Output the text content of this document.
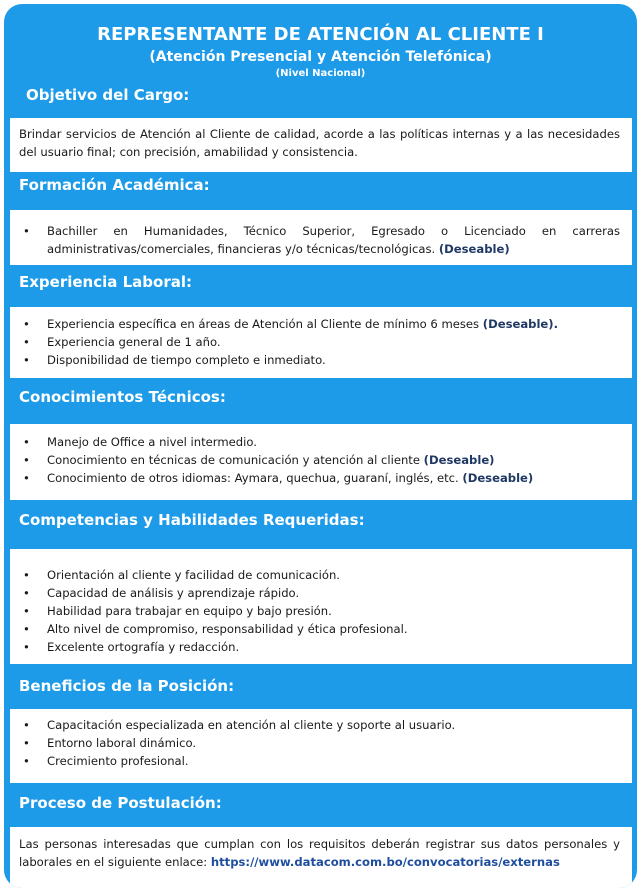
REPRESENTANTE DE ATENCIÓN AL CLIENTE I
(Atención Presencial y Atención Telefónica)
(Nivel Nacional)
Objetivo del Cargo:

Brindar servicios de Atención al Cliente de calidad, acorde a las políticas internas y a las necesidades del usuario final; con precisión, amabilidad y consistencia.

Formación Académica:
• Bachiller en Humanidades, Técnico Superior, Egresado o Licenciado en carreras administrativas/comerciales, financieras y/o técnicas/tecnológicas. (Deseable)
Experiencia Laboral:
• Experiencia específica en áreas de Atención al Cliente de mínimo 6 meses (Deseable).
• Experiencia general de 1 año.
• Disponibilidad de tiempo completo e inmediato.
Conocimientos Técnicos:
• Manejo de Office a nivel intermedio.
• Conocimiento en técnicas de comunicación y atención al cliente (Deseable)
• Conocimiento de otros idiomas: Aymara, quechua, guaraní, inglés, etc. (Deseable)
Competencias y Habilidades Requeridas:
• Orientación al cliente y facilidad de comunicación.
• Capacidad de análisis y aprendizaje rápido.
• Habilidad para trabajar en equipo y bajo presión.
• Alto nivel de compromiso, responsabilidad y ética profesional.
• Excelente ortografía y redacción.
Beneficios de la Posición:
• Capacitación especializada en atención al cliente y soporte al usuario.
• Entorno laboral dinámico.
• Crecimiento profesional.
Proceso de Postulación:

Las personas interesadas que cumplan con los requisitos deberán registrar sus datos personales y laborales en el siguiente enlace: https://www.datacom.com.bo/convocatorias/externas
